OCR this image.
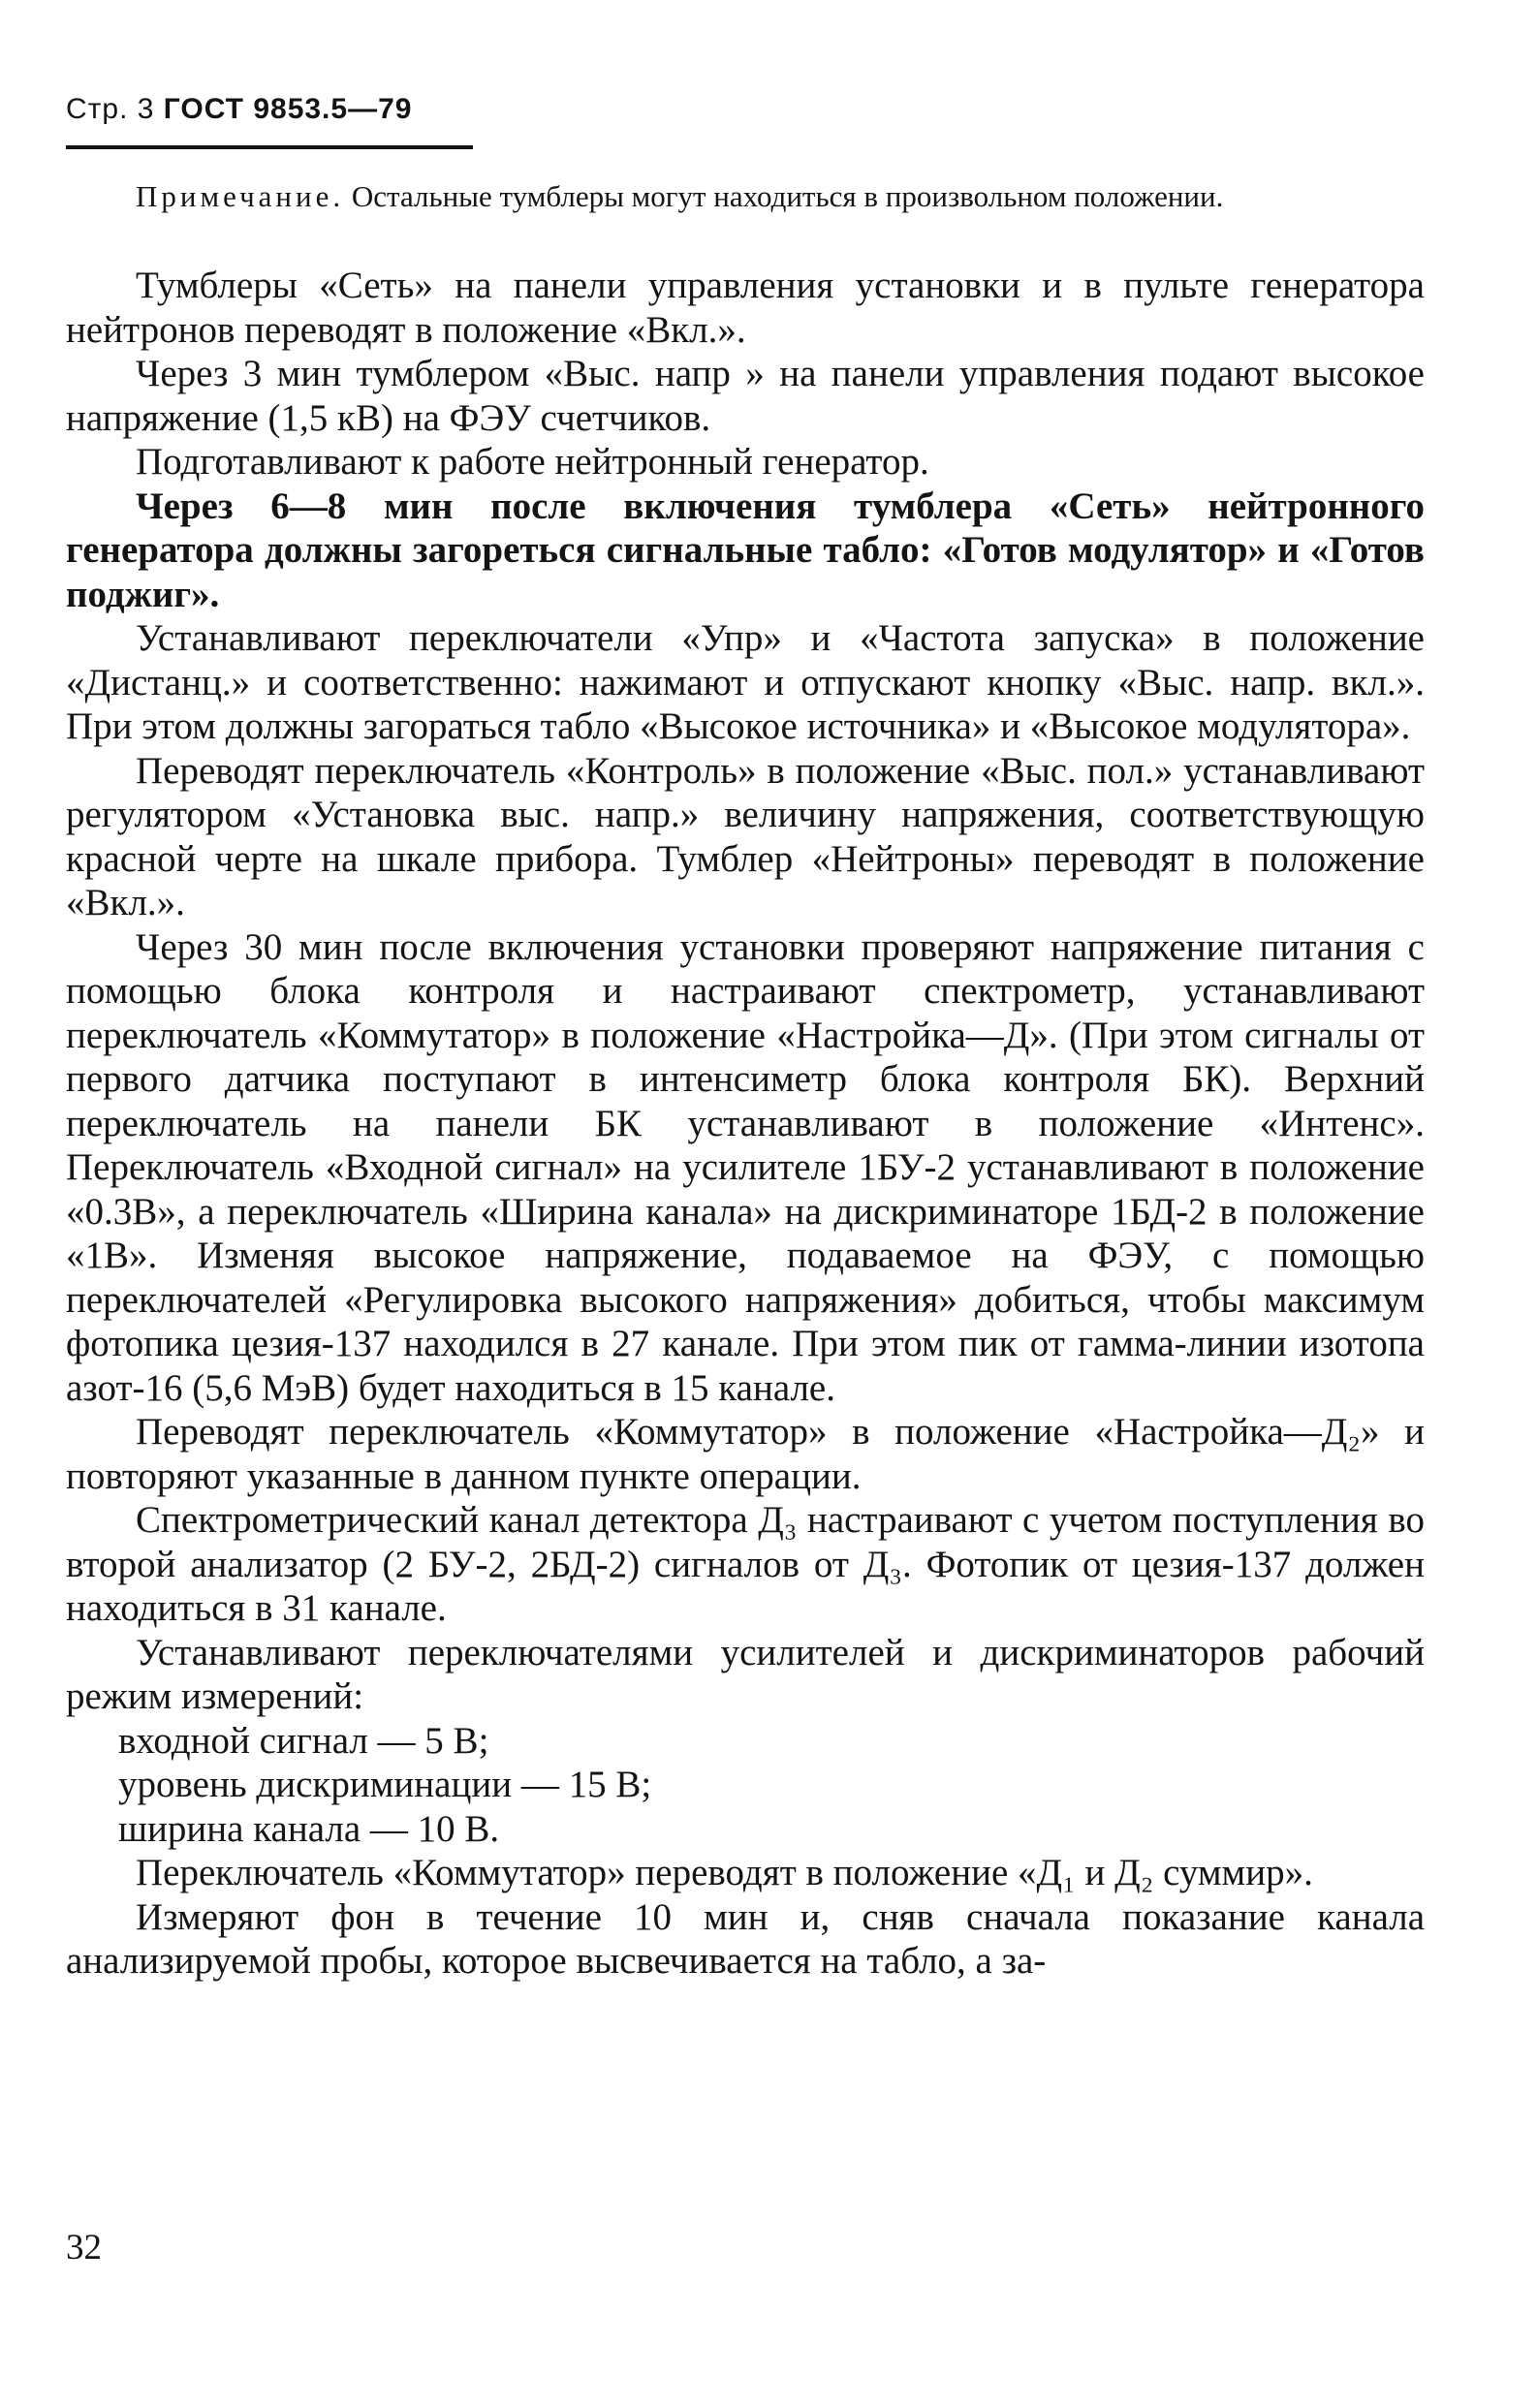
Стр. 3 ГОСТ 9853.5—79
Примечание. Остальные тумблеры могут находиться в произвольном положении.

Тумблеры «Сеть» на панели управления установки и в пульте генератора нейтронов переводят в положение «Вкл.».

Через 3 мин тумблером «Выс. напр » на панели управления подают высокое напряжение (1,5 кВ) на ФЭУ счетчиков.

Подготавливают к работе нейтронный генератор.

Через 6—8 мин после включения тумблера «Сеть» нейтронного генератора должны загореться сигнальные табло: «Готов модулятор» и «Готов поджиг».

Устанавливают переключатели «Упр» и «Частота запуска» в положение «Дистанц.» и соответственно: нажимают и отпускают кнопку «Выс. напр. вкл.». При этом должны загораться табло «Высокое источника» и «Высокое модулятора».

Переводят переключатель «Контроль» в положение «Выс. пол.» устанавливают регулятором «Установка выс. напр.» величину напряжения, соответствующую красной черте на шкале прибора. Тумблер «Нейтроны» переводят в положение «Вкл.».

Через 30 мин после включения установки проверяют напряжение питания с помощью блока контроля и настраивают спектрометр, устанавливают переключатель «Коммутатор» в положение «Настройка—Д». (При этом сигналы от первого датчика поступают в интенсиметр блока контроля БК). Верхний переключатель на панели БК устанавливают в положение «Интенс». Переключатель «Входной сигнал» на усилителе 1БУ-2 устанавливают в положение «0.3В», а переключатель «Ширина канала» на дискриминаторе 1БД-2 в положение «1В». Изменяя высокое напряжение, подаваемое на ФЭУ, с помощью переключателей «Регулировка высокого напряжения» добиться, чтобы максимум фотопика цезия-137 находился в 27 канале. При этом пик от гамма-линии изотопа азот-16 (5,6 МэВ) будет находиться в 15 канале.

Переводят переключатель «Коммутатор» в положение «Настройка—Д₂» и повторяют указанные в данном пункте операции.

Спектрометрический канал детектора Д₃ настраивают с учетом поступления во второй анализатор (2 БУ-2, 2БД-2) сигналов от Д₃. Фотопик от цезия-137 должен находиться в 31 канале.

Устанавливают переключателями усилителей и дискриминаторов рабочий режим измерений:

входной сигнал — 5 В;

уровень дискриминации — 15 В;

ширина канала — 10 В.

Переключатель «Коммутатор» переводят в положение «Д₁ и Д₂ суммир».

Измеряют фон в течение 10 мин и, сняв сначала показание канала анализируемой пробы, которое высвечивается на табло, а за-

32
